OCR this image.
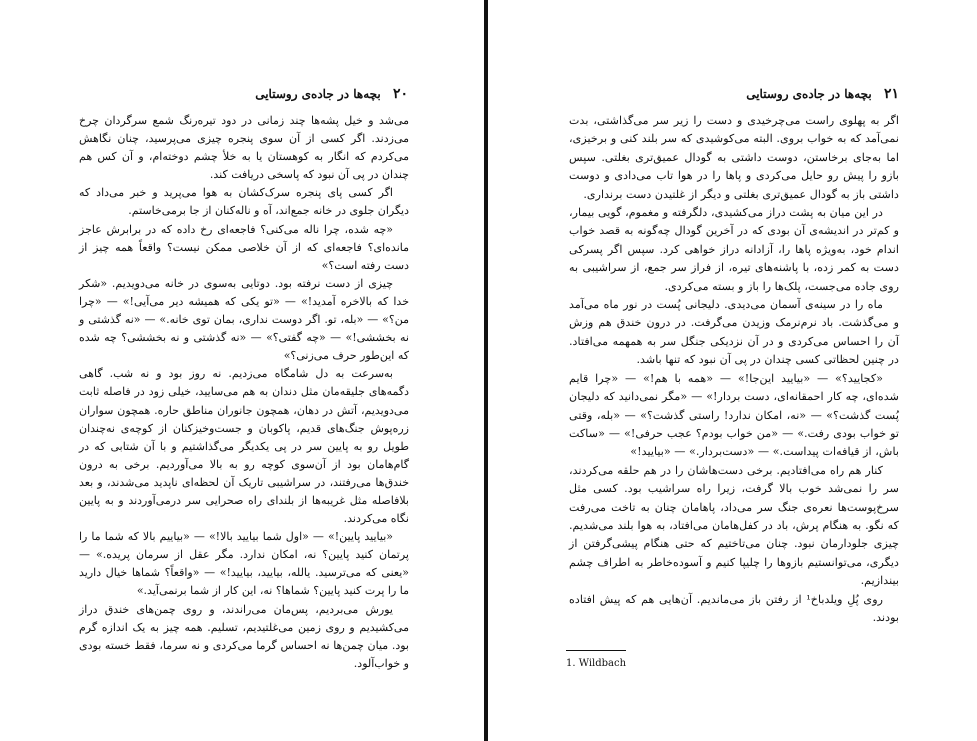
۲۰ بچه‌ها در جاده‌ی روستایی

می‌شد و خیل پشه‌ها چند زمانی در دود تیره‌رنگ شمع سرگردان چرخ می‌زدند. اگر کسی از آن سوی پنجره چیزی می‌پرسید، چنان نگاهش می‌کردم که انگار به کوهستان یا به خلأ چشم دوخته‌ام، و آن کس هم چندان در پی آن نبود که پاسخی دریافت کند.

اگر کسی پای پنجره سرک‌کشان به هوا می‌پرید و خبر می‌داد که دیگران جلوی در خانه جمع‌اند، آه و ناله‌کنان از جا برمی‌خاستم.

«چه شده، چرا ناله می‌کنی؟ فاجعه‌ای رخ داده که در برابرش عاجز مانده‌ای؟ فاجعه‌ای که از آن خلاصی ممکن نیست؟ واقعاً همه چیز از دست رفته است؟»

چیزی از دست نرفته بود. دوتایی به‌سوی در خانه می‌دویدیم. «شکر خدا که بالاخره آمدید!» — «تو یکی که همیشه دیر می‌آیی!» — «چرا من؟» — «بله، تو. اگر دوست نداری، بمان توی خانه.» — «نه گذشتی و نه بخششی!» — «چه گفتی؟» — «نه گذشتی و نه بخششی؟ چه شده که این‌طور حرف می‌زنی؟»

به‌سرعت به دل شامگاه می‌زدیم. نه روز بود و نه شب. گاهی دگمه‌های جلیقه‌مان مثل دندان به هم می‌سایید، خیلی زود در فاصله ثابت می‌دویدیم، آتش در دهان، همچون جانوران مناطق حاره. همچون سواران زره‌پوش جنگ‌های قدیم، پاکوبان و جست‌وخیزکنان از کوچه‌ی نه‌چندان طویل رو به پایین سر در پی یکدیگر می‌گذاشتیم و با آن شتابی که در گام‌هامان بود از آن‌سوی کوچه رو به بالا می‌آوردیم. برخی به درون خندق‌ها می‌رفتند، در سراشیبی تاریک آن لحظه‌ای ناپدید می‌شدند، و بعد بلافاصله مثل غریبه‌ها از بلندای راه صحرایی سر درمی‌آوردند و به پایین نگاه می‌کردند.

«بیایید پایین!» — «اول شما بیایید بالا!» — «بیاییم بالا که شما ما را پرتمان کنید پایین؟ نه، امکان ندارد. مگر عقل از سرمان پریده.» — «یعنی که می‌ترسید. یالله، بیایید، بیایید!» — «واقعاً؟ شماها خیال دارید ما را پرت کنید پایین؟ شماها؟ نه، این کار از شما برنمی‌آید.»

یورش می‌بردیم، پس‌مان می‌راندند، و روی چمن‌های خندق دراز می‌کشیدیم و روی زمین می‌غلتیدیم، تسلیم. همه چیز به یک اندازه گرم بود. میان چمن‌ها نه احساس گرما می‌کردی و نه سرما، فقط خسته بودی و خواب‌آلود.

۲۱ بچه‌ها در جاده‌ی روستایی

اگر به پهلوی راست می‌چرخیدی و دست را زیر سر می‌گذاشتی، بدت نمی‌آمد که به خواب بروی. البته می‌کوشیدی که سر بلند کنی و برخیزی، اما به‌جای برخاستن، دوست داشتی به گودال عمیق‌تری بغلتی. سپس بازو را پیش رو حایل می‌کردی و پاها را در هوا تاب می‌دادی و دوست داشتی باز به گودال عمیق‌تری بغلتی و دیگر از غلتیدن دست برنداری.

در این میان به پشت دراز می‌کشیدی، دلگرفته و مغموم، گویی بیمار، و کم‌تر در اندیشه‌ی آن بودی که در آخرین گودال چه‌گونه به قصد خواب اندام خود، به‌ویژه پاها را، آزادانه دراز خواهی کرد. سپس اگر پسرکی دست به کمر زده، با پاشنه‌های تیره، از فراز سر جمع، از سراشیبی به روی جاده می‌جست، پلک‌ها را باز و بسته می‌کردی.

ماه را در سینه‌ی آسمان می‌دیدی. دلیجانی پُست در نور ماه می‌آمد و می‌گذشت. باد نرم‌نرمک وزیدن می‌گرفت. در درون خندق هم وزش آن را احساس می‌کردی و در آن نزدیکی جنگل سر به همهمه می‌افتاد. در چنین لحظاتی کسی چندان در پی آن نبود که تنها باشد.

«کجایید؟» — «بیایید این‌جا!» — «همه با هم!» — «چرا قایم شده‌ای، چه کار احمقانه‌ای، دست بردار!» — «مگر نمی‌دانید که دلیجان پُست گذشت؟» — «نه، امکان ندارد! راستی گذشت؟» — «بله، وقتی تو خواب بودی رفت.» — «من خواب بودم؟ عجب حرفی!» — «ساکت باش، از قیافه‌ات پیداست.» — «دست‌بردار.» — «بیایید!»

کنار هم راه می‌افتادیم. برخی دست‌هاشان را در هم حلقه می‌کردند، سر را نمی‌شد خوب بالا گرفت، زیرا راه سراشیب بود. کسی مثل سرخ‌پوست‌ها نعره‌ی جنگ سر می‌داد، پاهامان چنان به تاخت می‌رفت که نگو. به هنگام پرش، باد در کفل‌هامان می‌افتاد، به هوا بلند می‌شدیم. چیزی جلودارمان نبود. چنان می‌تاختیم که حتی هنگام پیشی‌گرفتن از دیگری، می‌توانستیم بازوها را چلیپا کنیم و آسوده‌خاطر به اطراف چشم بیندازیم.

روی پُلِ ویلدباخ¹ از رفتن باز می‌ماندیم. آن‌هایی هم که پیش افتاده بودند.

1. Wildbach
